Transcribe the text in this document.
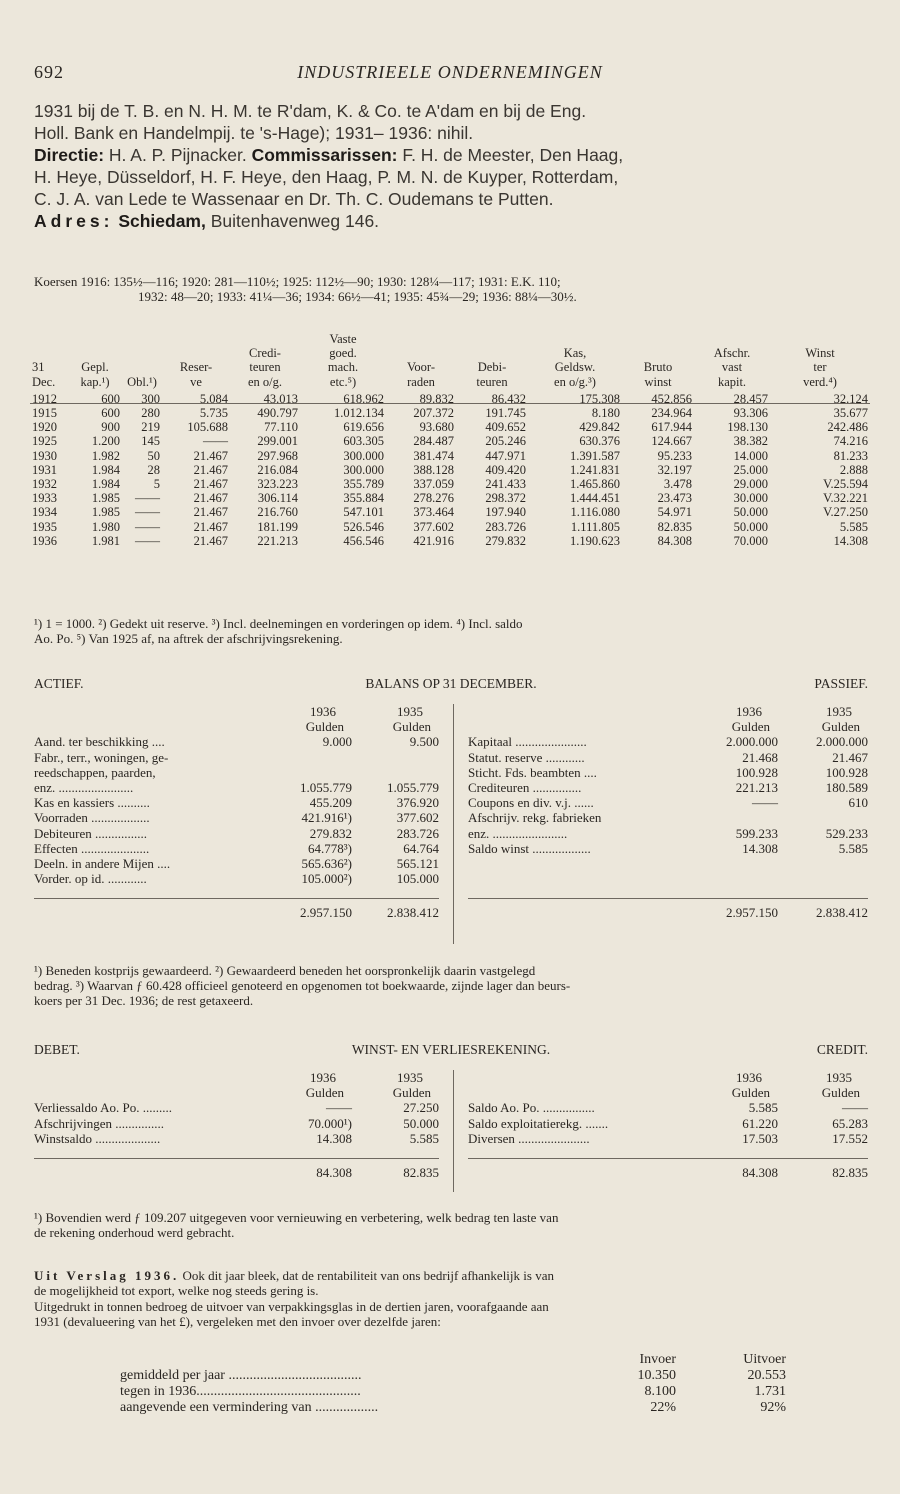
692	INDUSTRIEELE ONDERNEMINGEN

1931 bij de T. B. en N. H. M. te R'dam, K. & Co. te A'dam en bij de Eng.

Holl. Bank en Handelmpij. te 's-Hage); 1931– 1936: nihil.

Directie: H. A. P. Pijnacker. Commissarissen: F. H. de Meester, Den Haag,

H. Heye, Düsseldorf, H. F. Heye, den Haag, P. M. N. de Kuyper, Rotterdam,

C. J. A. van Lede te Wassenaar en Dr. Th. C. Oudemans te Putten.

Adres: Schiedam, Buitenhavenweg 146.

Koersen 1916: 135½—116; 1920: 281—110½; 1925: 112½—90; 1930: 128¼—117; 1931: E.K. 110;
1932: 48—20; 1933: 41¼—36; 1934: 66½—41; 1935: 45¾—29; 1936: 88¼—30½.
					Vaste						
				Credi-	goed.			Kas,		Afschr.	Winst
31	Gepl.		Reser-	teuren	mach.	Voor-	Debi-	Geldsw.	Bruto	vast	ter
Dec.	kap.¹)	Obl.¹)	ve	en o/g.	etc.⁵)	raden	teuren	en o/g.³)	winst	kapit.	verd.⁴)
1912	600	300	5.084	43.013	618.962	89.832	86.432	175.308	452.856	28.457	32.124
1915	600	280	5.735	490.797	1.012.134	207.372	191.745	8.180	234.964	93.306	35.677
1920	900	219	105.688	77.110	619.656	93.680	409.652	429.842	617.944	198.130	242.486
1925	1.200	145	——	299.001	603.305	284.487	205.246	630.376	124.667	38.382	74.216
1930	1.982	50	21.467	297.968	300.000	381.474	447.971	1.391.587	95.233	14.000	81.233
1931	1.984	28	21.467	216.084	300.000	388.128	409.420	1.241.831	32.197	25.000	2.888
1932	1.984	5	21.467	323.223	355.789	337.059	241.433	1.465.860	3.478	29.000	V.25.594
1933	1.985	——	21.467	306.114	355.884	278.276	298.372	1.444.451	23.473	30.000	V.32.221
1934	1.985	——	21.467	216.760	547.101	373.464	197.940	1.116.080	54.971	50.000	V.27.250
1935	1.980	——	21.467	181.199	526.546	377.602	283.726	1.111.805	82.835	50.000	5.585
1936	1.981	——	21.467	221.213	456.546	421.916	279.832	1.190.623	84.308	70.000	14.308
¹) 1 = 1000. ²) Gedekt uit reserve. ³) Incl. deelnemingen en vorderingen op idem. ⁴) Incl. saldo
Ao. Po. ⁵) Van 1925 af, na aftrek der afschrijvingsrekening.
ACTIEF.	BALANS OP 31 DECEMBER.	PASSIEF.
	1936	1935
	Gulden	Gulden
Aand. ter beschikking ....	9.000	9.500
Fabr., terr., woningen, ge-		
reedschappen, paarden,		
enz. .......................	1.055.779	1.055.779
Kas en kassiers ..........	455.209	376.920
Voorraden ..................	421.916¹)	377.602
Debiteuren ................	279.832	283.726
Effecten .....................	64.778³)	64.764
Deeln. in andere Mijen ....	565.636²)	565.121
Vorder. op id. ............	105.000²)	105.000

	2.957.150	2.838.412
	1936	1935
	Gulden	Gulden
Kapitaal ......................	2.000.000	2.000.000
Statut. reserve ............	21.468	21.467
Sticht. Fds. beambten ....	100.928	100.928
Crediteuren ...............	221.213	180.589
Coupons en div. v.j. ......	——	610
Afschrijv. rekg. fabrieken		
enz. .......................	599.233	529.233
Saldo winst ..................	14.308	5.585

	2.957.150	2.838.412
¹) Beneden kostprijs gewaardeerd. ²) Gewaardeerd beneden het oorspronkelijk daarin vastgelegd
bedrag. ³) Waarvan ƒ 60.428 officieel genoteerd en opgenomen tot boekwaarde, zijnde lager dan beurs-
koers per 31 Dec. 1936; de rest getaxeerd.
DEBET.	WINST- EN VERLIESREKENING.	CREDIT.
	1936	1935
	Gulden	Gulden
Verliessaldo Ao. Po. .........	——	27.250
Afschrijvingen ...............	70.000¹)	50.000
Winstsaldo ....................	14.308	5.585

	84.308	82.835
	1936	1935
	Gulden	Gulden
Saldo Ao. Po. ................	5.585	——
Saldo exploitatierekg. .......	61.220	65.283
Diversen ......................	17.503	17.552

	84.308	82.835
¹) Bovendien werd ƒ 109.207 uitgegeven voor vernieuwing en verbetering, welk bedrag ten laste van
de rekening onderhoud werd gebracht.

Uit Verslag 1936. Ook dit jaar bleek, dat de rentabiliteit van ons bedrijf afhankelijk is van

de mogelijkheid tot export, welke nog steeds gering is.

Uitgedrukt in tonnen bedroeg de uitvoer van verpakkingsglas in de dertien jaren, voorafgaande aan

1931 (devalueering van het £), vergeleken met den invoer over dezelfde jaren:

	Invoer	Uitvoer
gemiddeld per jaar ......................................	10.350	20.553
tegen in 1936...............................................	8.100	1.731
aangevende een vermindering van ..................	22%	92%
